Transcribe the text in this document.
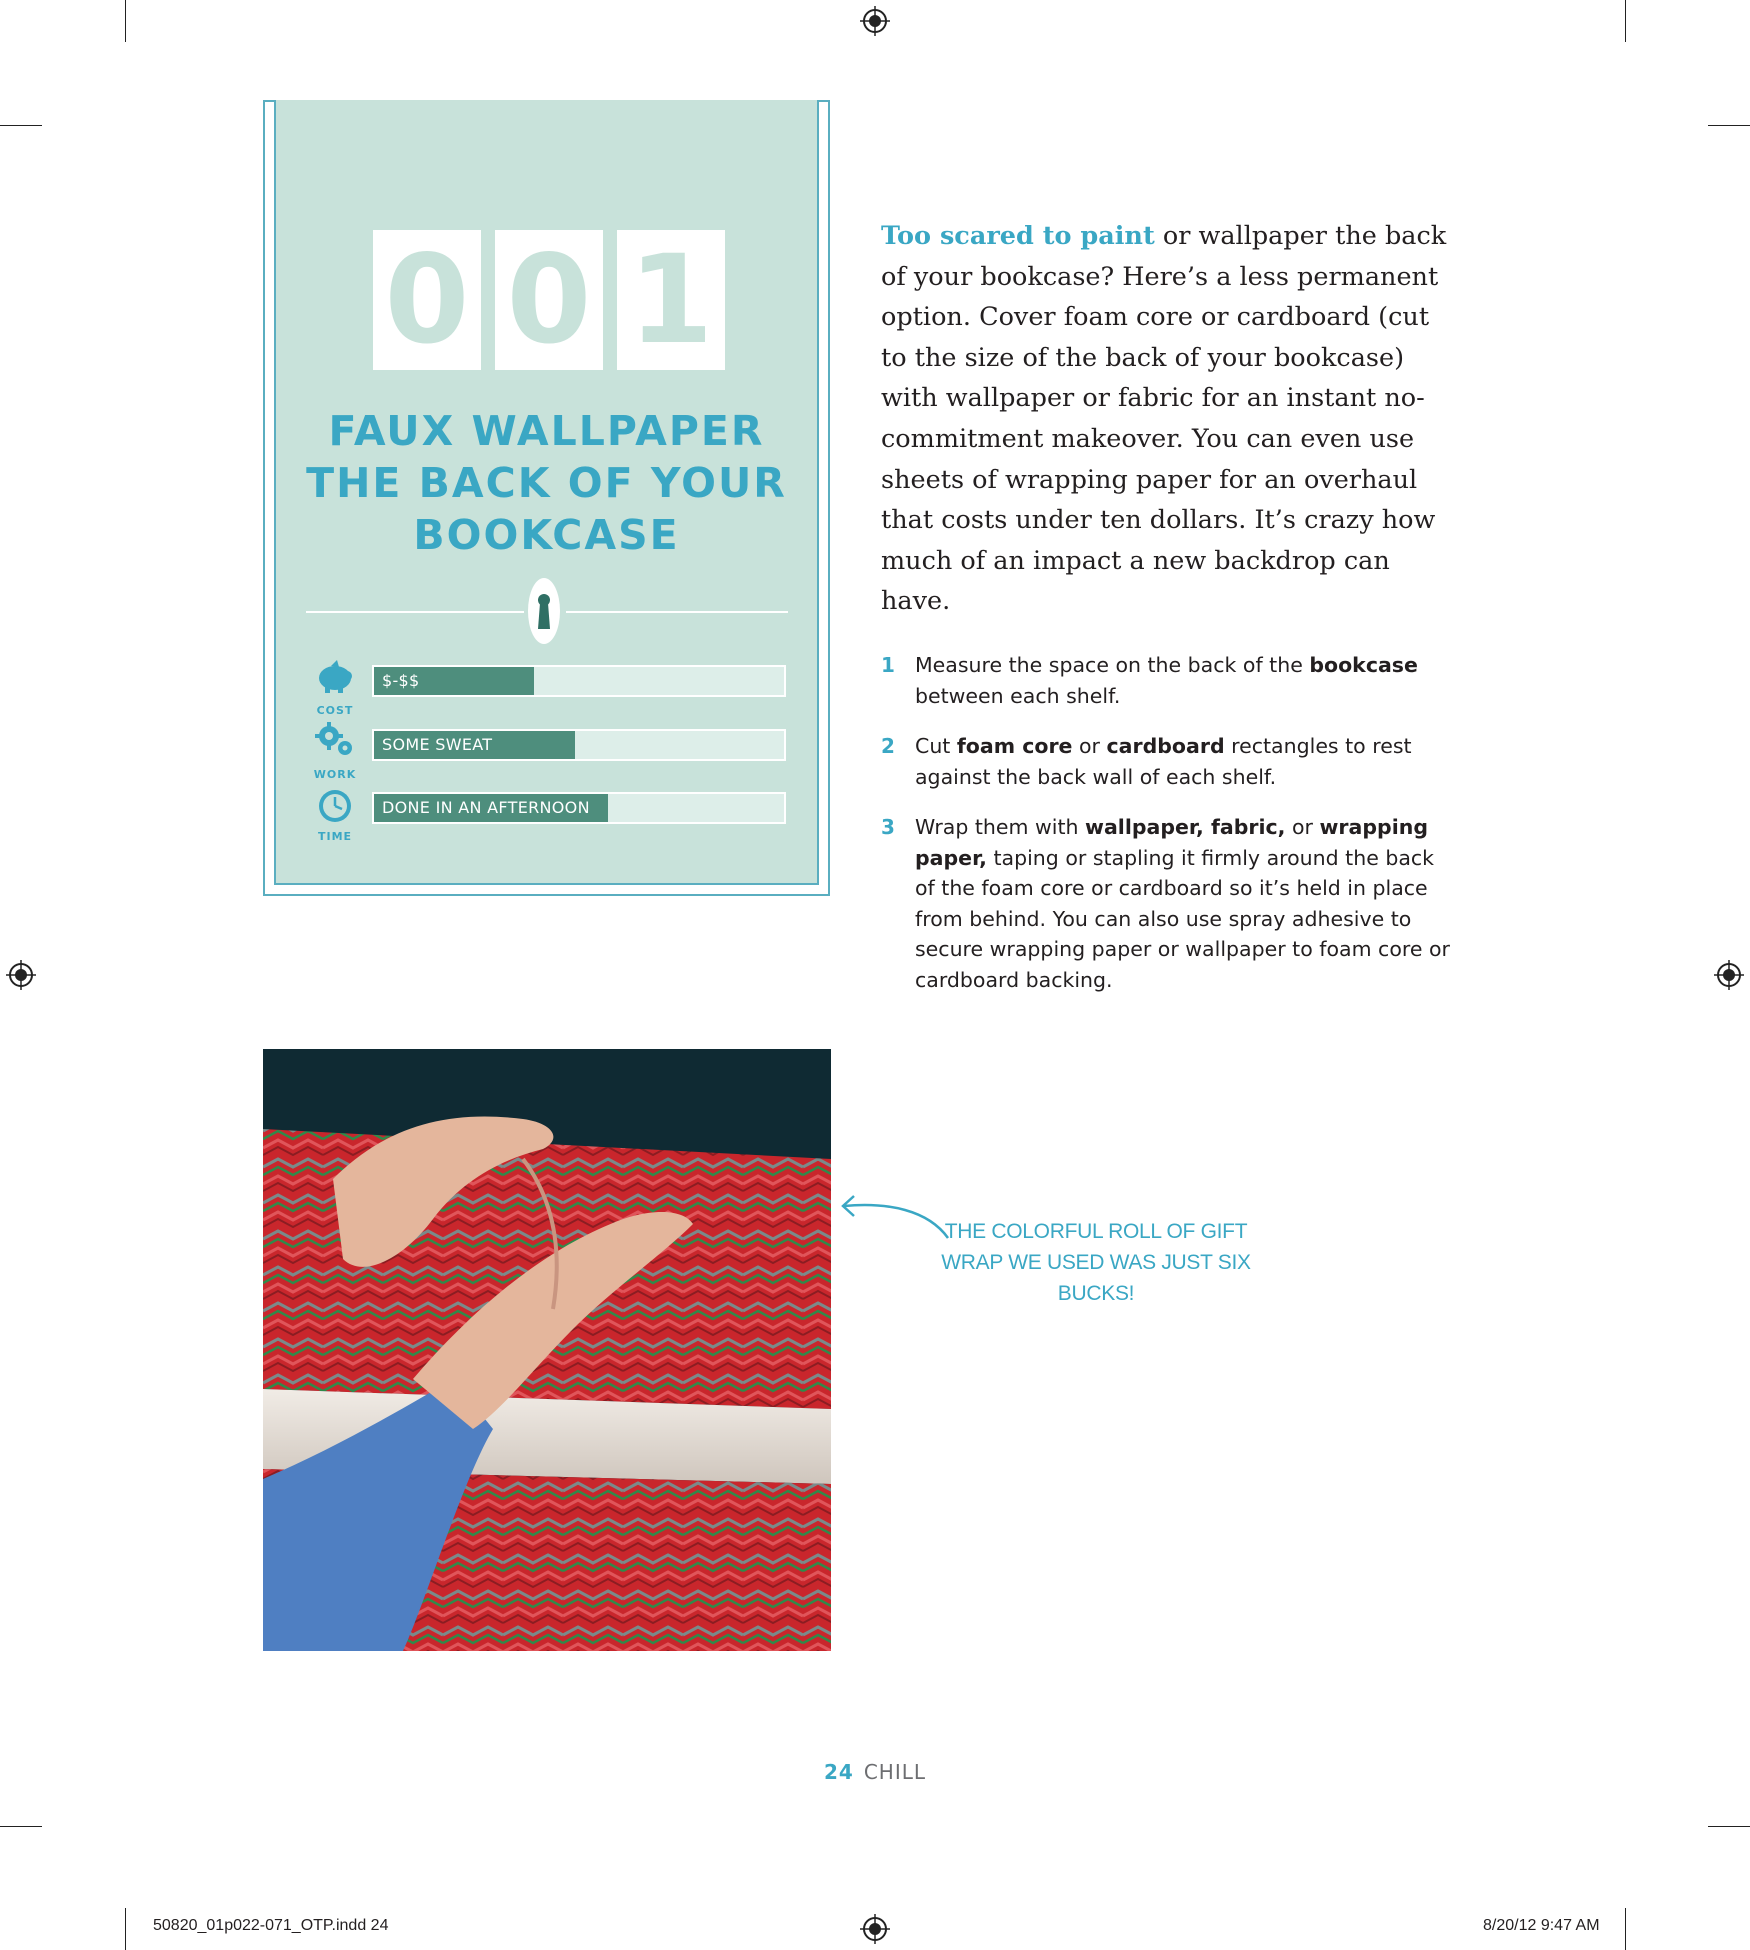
0 0 1
FAUX WALLPAPER
THE BACK OF YOUR
BOOKCASE
COST
$-$$
WORK
SOME SWEAT
TIME
DONE IN AN AFTERNOON
Too scared to paint or wallpaper the back of your bookcase? Here’s a less permanent option. Cover foam core or cardboard (cut to the size of the back of your bookcase) with wallpaper or fabric for an instant no-commitment makeover. You can even use sheets of wrapping paper for an overhaul that costs under ten dollars. It’s crazy how much of an impact a new backdrop can have.
1 Measure the space on the back of the bookcase between each shelf.
2 Cut foam core or cardboard rectangles to rest against the back wall of each shelf.
3 Wrap them with wallpaper, fabric, or wrapping paper, taping or stapling it firmly around the back of the foam core or cardboard so it’s held in place from behind. You can also use spray adhesive to secure wrapping paper or wallpaper to foam core or cardboard backing.
THE COLORFUL ROLL OF GIFT WRAP WE USED WAS JUST SIX BUCKS!
24 CHILL
50820_01p022-071_OTP.indd 24	8/20/12 9:47 AM
